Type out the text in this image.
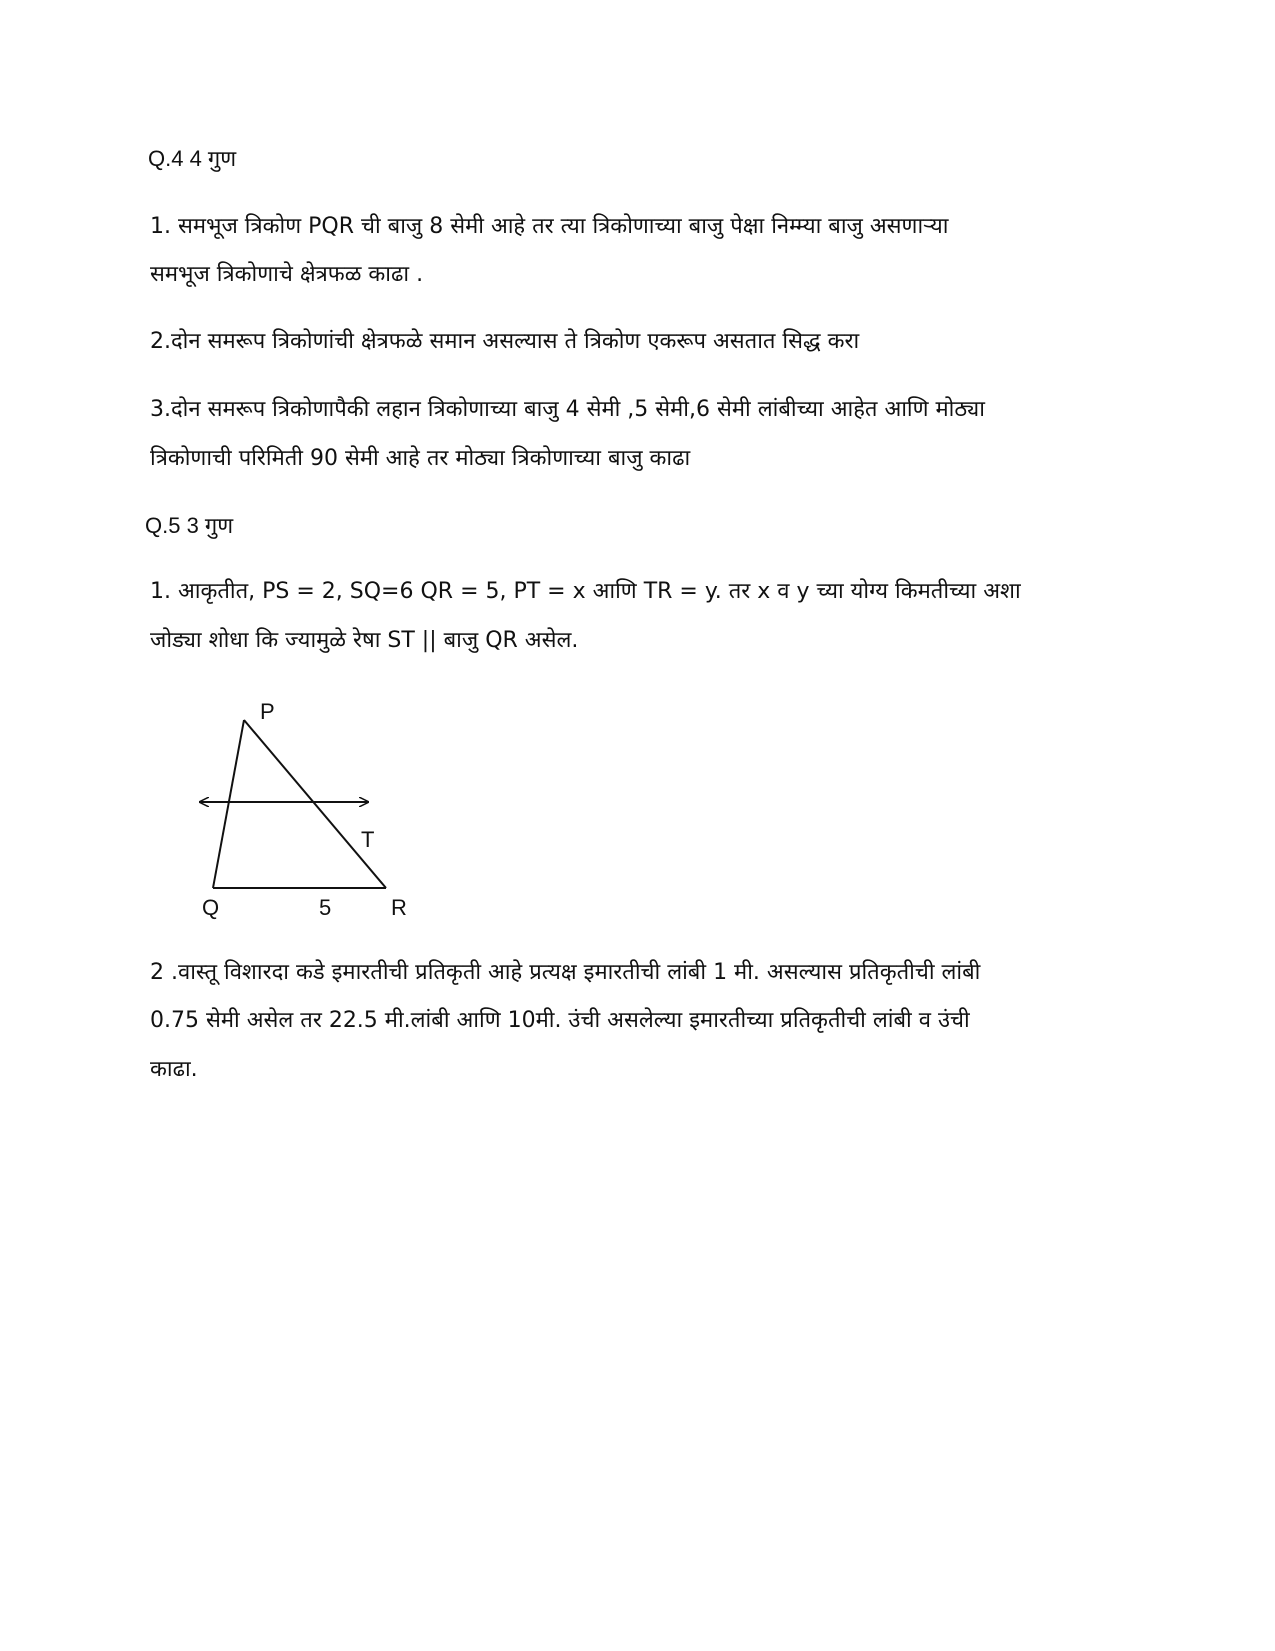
Q.4 4 गुण
1. समभूज त्रिकोण PQR ची बाजु 8 सेमी आहे तर त्या त्रिकोणाच्या बाजु पेक्षा निम्म्या बाजु असणाऱ्या
समभूज त्रिकोणाचे क्षेत्रफळ काढा .
2.दोन समरूप त्रिकोणांची क्षेत्रफळे समान असल्यास ते त्रिकोण एकरूप असतात सिद्ध करा
3.दोन समरूप त्रिकोणापैकी लहान त्रिकोणाच्या बाजु 4 सेमी ,5 सेमी,6 सेमी लांबीच्या आहेत आणि मोठ्या
त्रिकोणाची परिमिती 90 सेमी आहे तर मोठ्या त्रिकोणाच्या बाजु काढा
Q.5 3 गुण
1. आकृतीत, PS = 2, SQ=6 QR = 5, PT = x आणि TR = y. तर x व y च्या योग्य किमतीच्या अशा
जोड्या शोधा कि ज्यामुळे रेषा ST || बाजु QR असेल.
P
T
Q	5	R
2 .वास्तू विशारदा कडे इमारतीची प्रतिकृती आहे प्रत्यक्ष इमारतीची लांबी 1 मी. असल्यास प्रतिकृतीची लांबी
0.75 सेमी असेल तर 22.5 मी.लांबी आणि 10मी. उंची असलेल्या इमारतीच्या प्रतिकृतीची लांबी व उंची
काढा.
